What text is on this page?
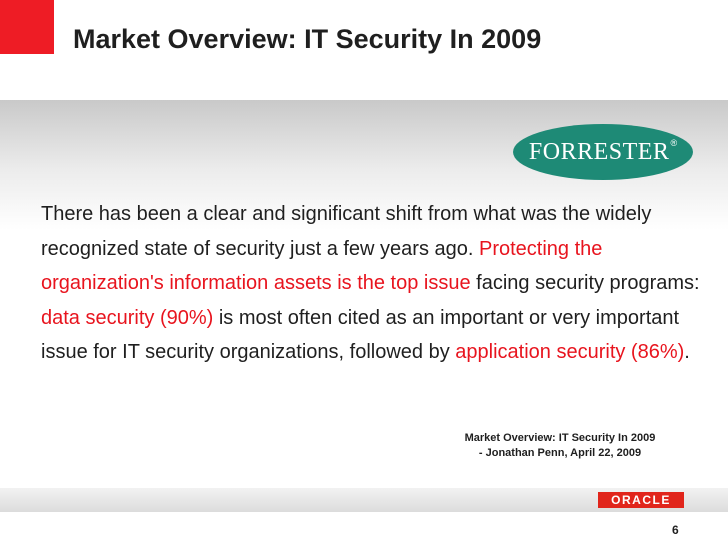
Market Overview: IT Security In 2009
FORRESTER ®

There has been a clear and significant shift from what was the widely recognized state of security just a few years ago. Protecting the organization's information assets is the top issue facing security programs: data security (90%) is most often cited as an important or very important issue for IT security organizations, followed by application security (86%).

Market Overview: IT Security In 2009
- Jonathan Penn, April 22, 2009

ORACLE
6
